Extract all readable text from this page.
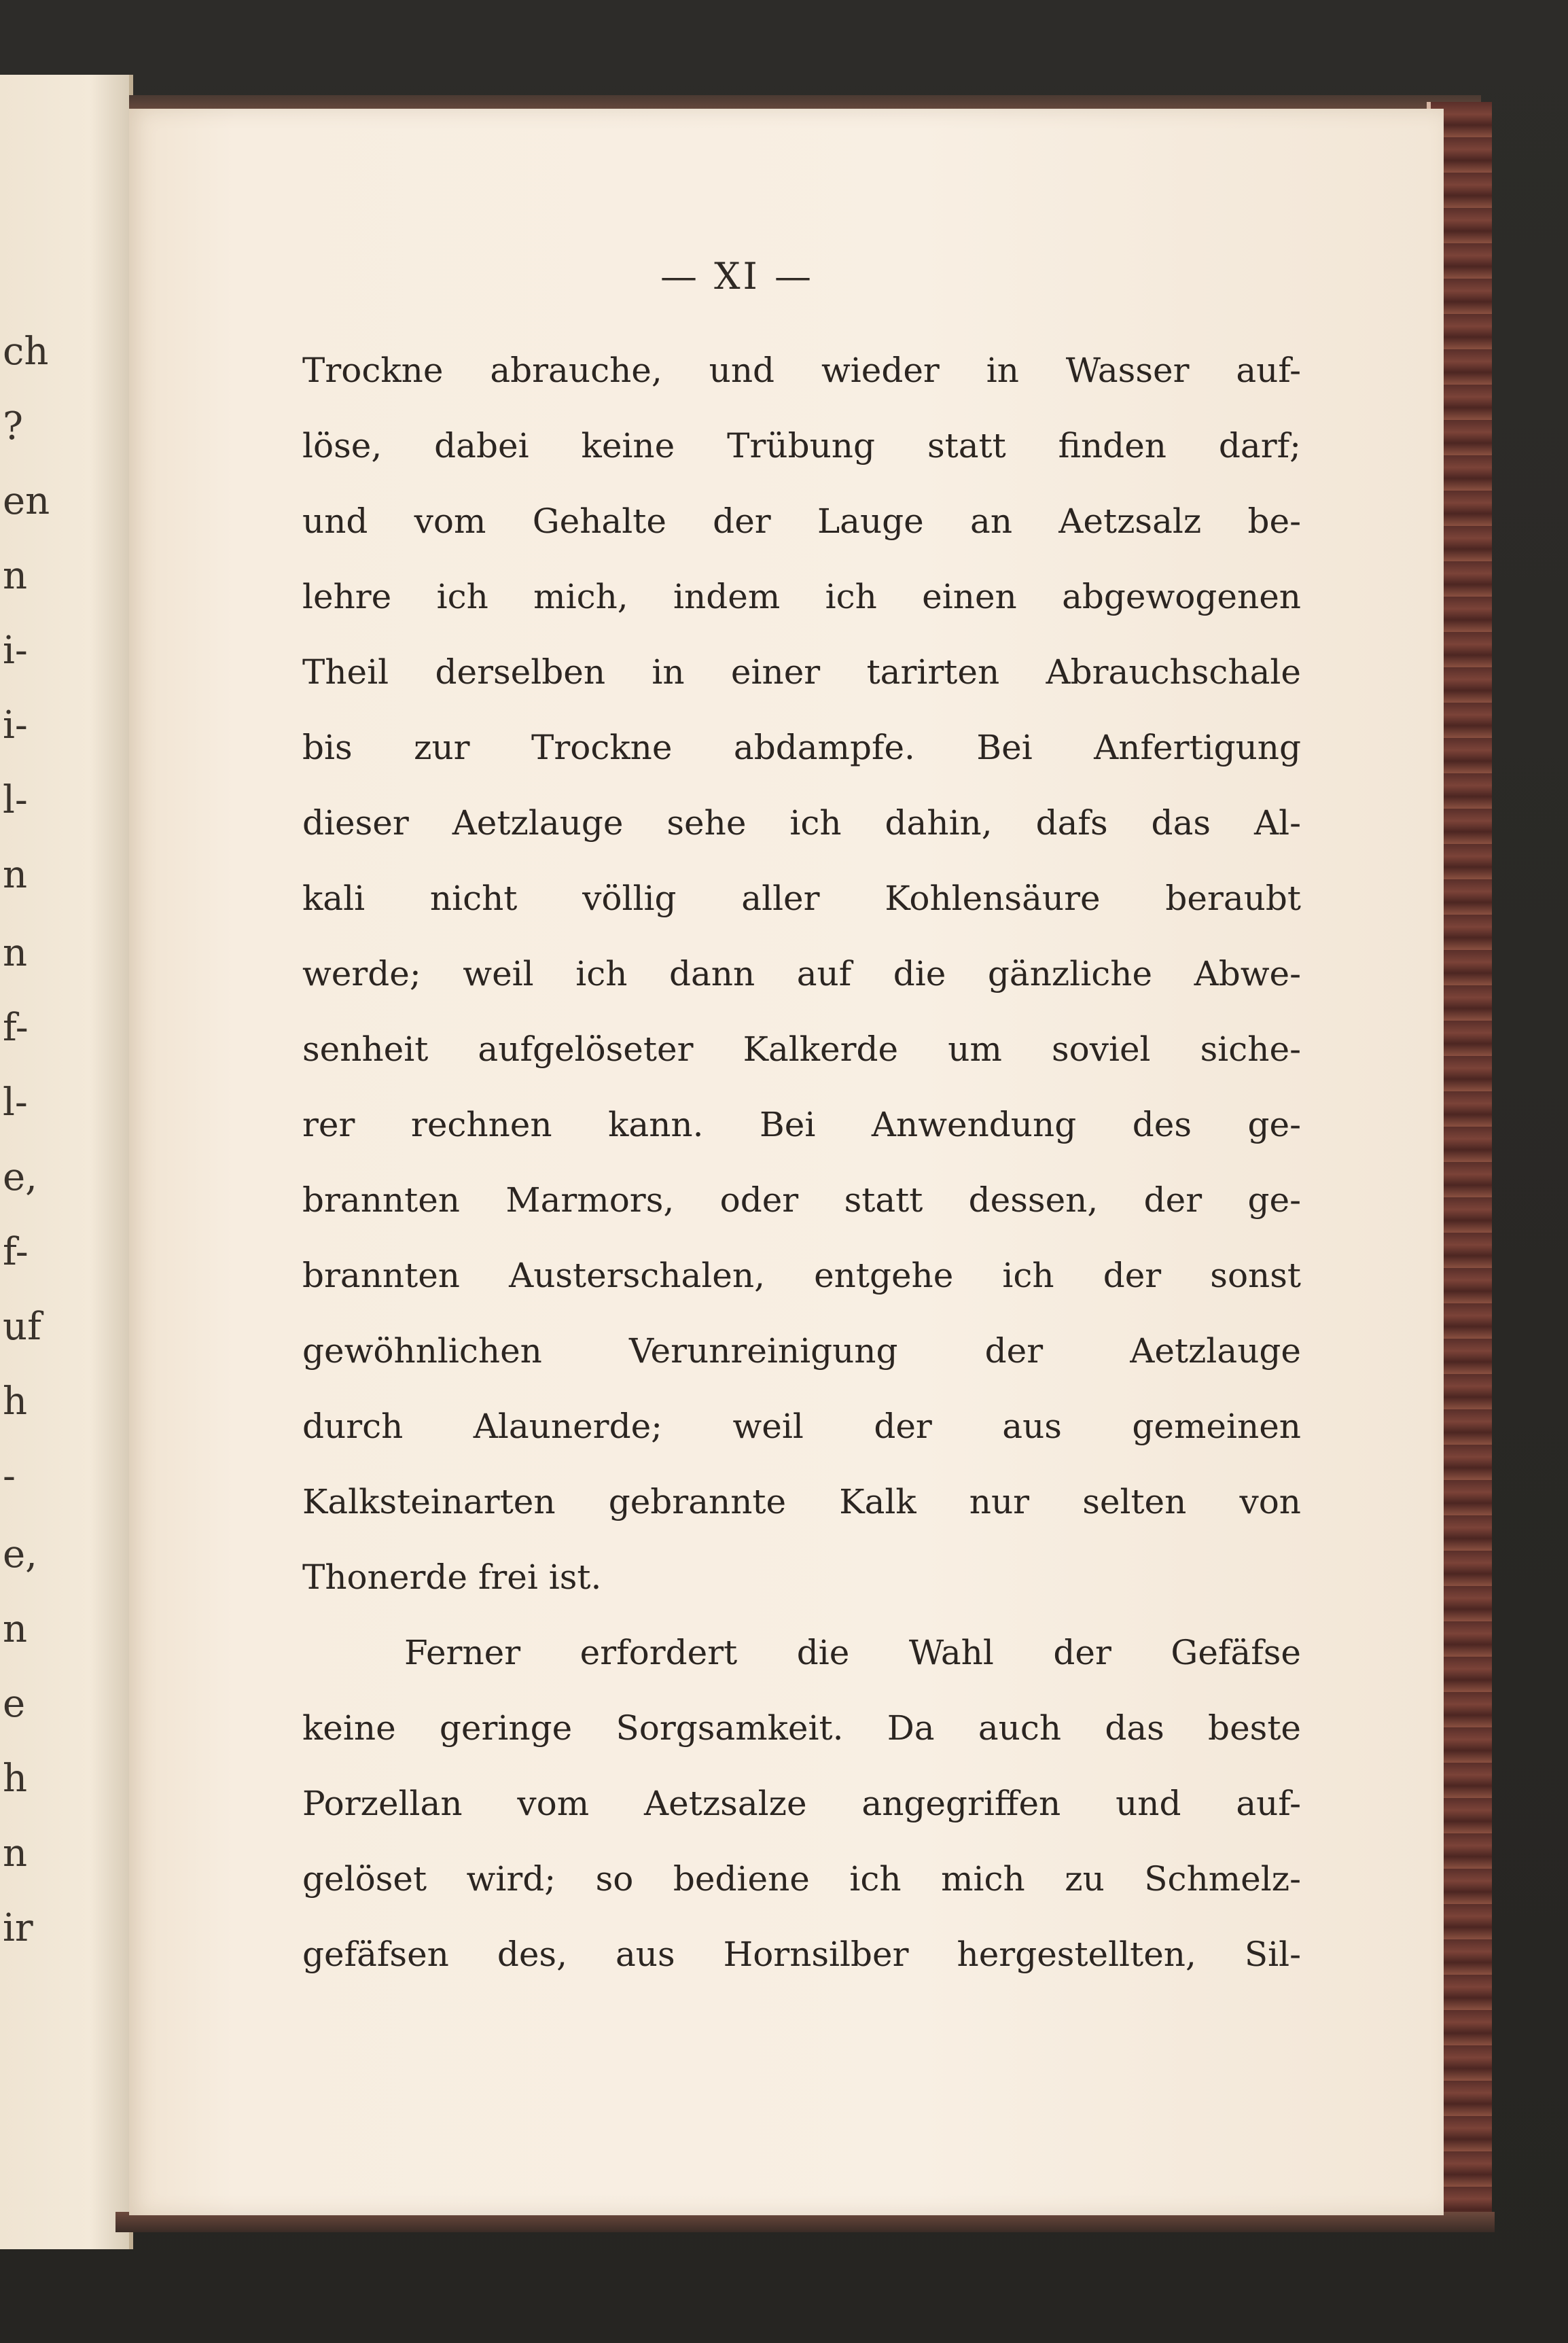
ch
?
en
n
i-
i-
l-
n
n
f-
l-
e,
f-
uf
h
-
e,
n
e
h
n
ir
— XI —
Trockne abrauche, und wieder in Wasser auf-
löse, dabei keine Trübung statt finden darf;
und vom Gehalte der Lauge an Aetzsalz be-
lehre ich mich, indem ich einen abgewogenen
Theil derselben in einer tarirten Abrauchschale
bis zur Trockne abdampfe. Bei Anfertigung
dieser Aetzlauge sehe ich dahin, dafs das Al-
kali nicht völlig aller Kohlensäure beraubt
werde; weil ich dann auf die gänzliche Abwe-
senheit aufgelöseter Kalkerde um soviel siche-
rer rechnen kann. Bei Anwendung des ge-
brannten Marmors, oder statt dessen, der ge-
brannten Austerschalen, entgehe ich der sonst
gewöhnlichen Verunreinigung der Aetzlauge
durch Alaunerde; weil der aus gemeinen
Kalksteinarten gebrannte Kalk nur selten von
Thonerde frei ist.
Ferner erfordert die Wahl der Gefäfse
keine geringe Sorgsamkeit. Da auch das beste
Porzellan vom Aetzsalze angegriffen und auf-
gelöset wird; so bediene ich mich zu Schmelz-
gefäfsen des, aus Hornsilber hergestellten, Sil-
